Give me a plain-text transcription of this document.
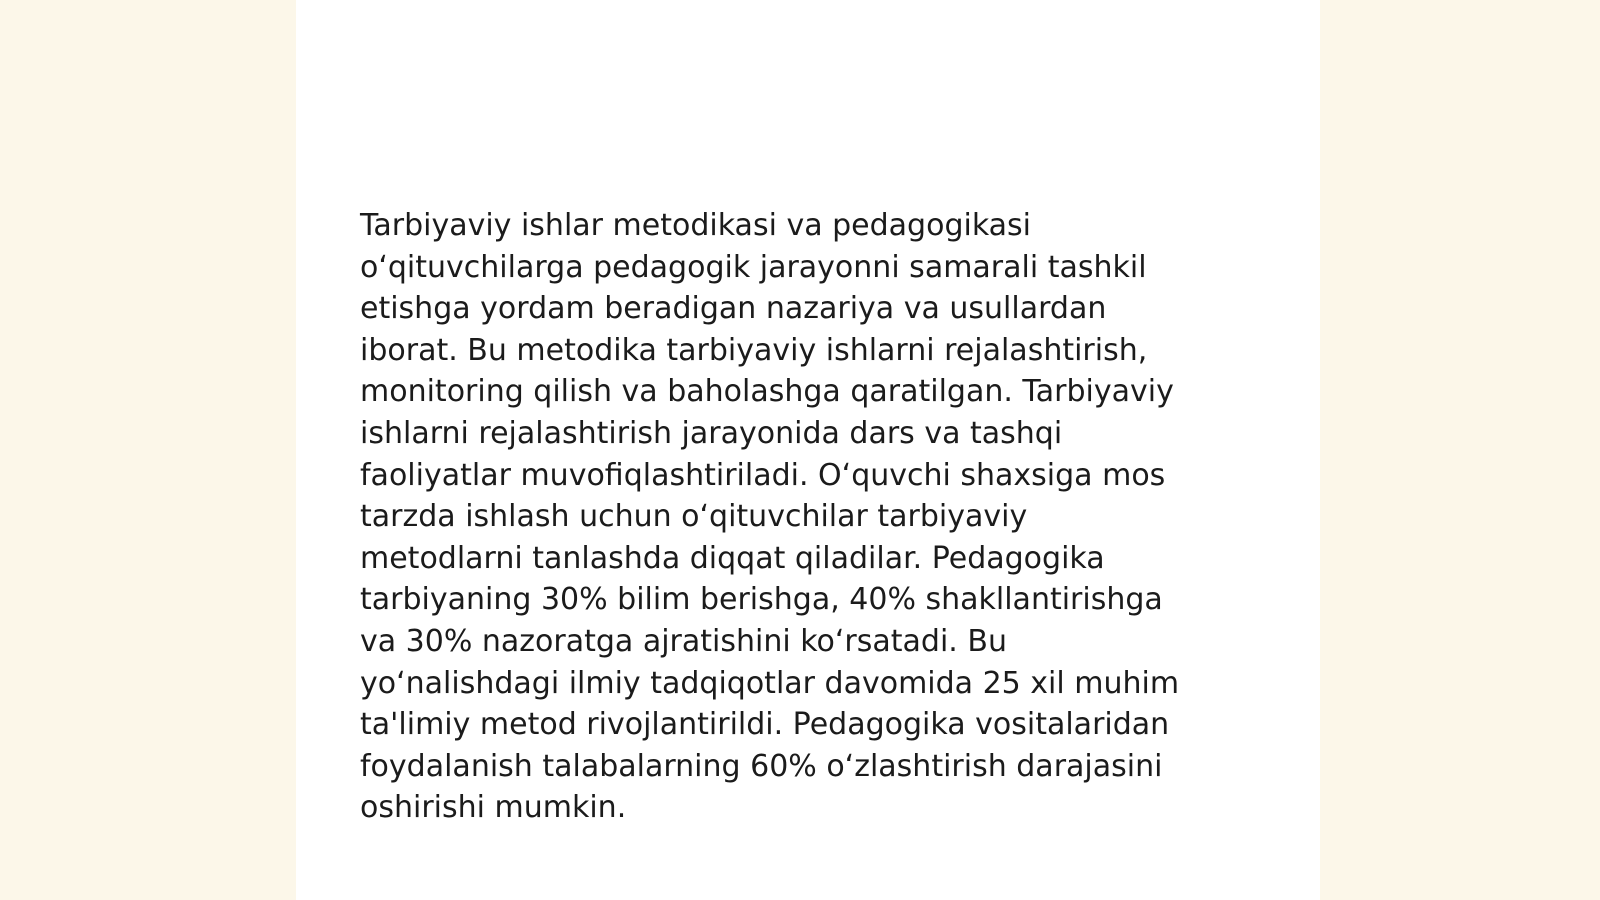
Tarbiyaviy ishlar metodikasi va pedagogikasi
oʻqituvchilarga pedagogik jarayonni samarali tashkil
etishga yordam beradigan nazariya va usullardan
iborat. Bu metodika tarbiyaviy ishlarni rejalashtirish,
monitoring qilish va baholashga qaratilgan. Tarbiyaviy
ishlarni rejalashtirish jarayonida dars va tashqi
faoliyatlar muvofiqlashtiriladi. Oʻquvchi shaxsiga mos
tarzda ishlash uchun oʻqituvchilar tarbiyaviy
metodlarni tanlashda diqqat qiladilar. Pedagogika
tarbiyaning 30% bilim berishga, 40% shakllantirishga
va 30% nazoratga ajratishini koʻrsatadi. Bu
yoʻnalishdagi ilmiy tadqiqotlar davomida 25 xil muhim
ta'limiy metod rivojlantirildi. Pedagogika vositalaridan
foydalanish talabalarning 60% oʻzlashtirish darajasini
oshirishi mumkin.
